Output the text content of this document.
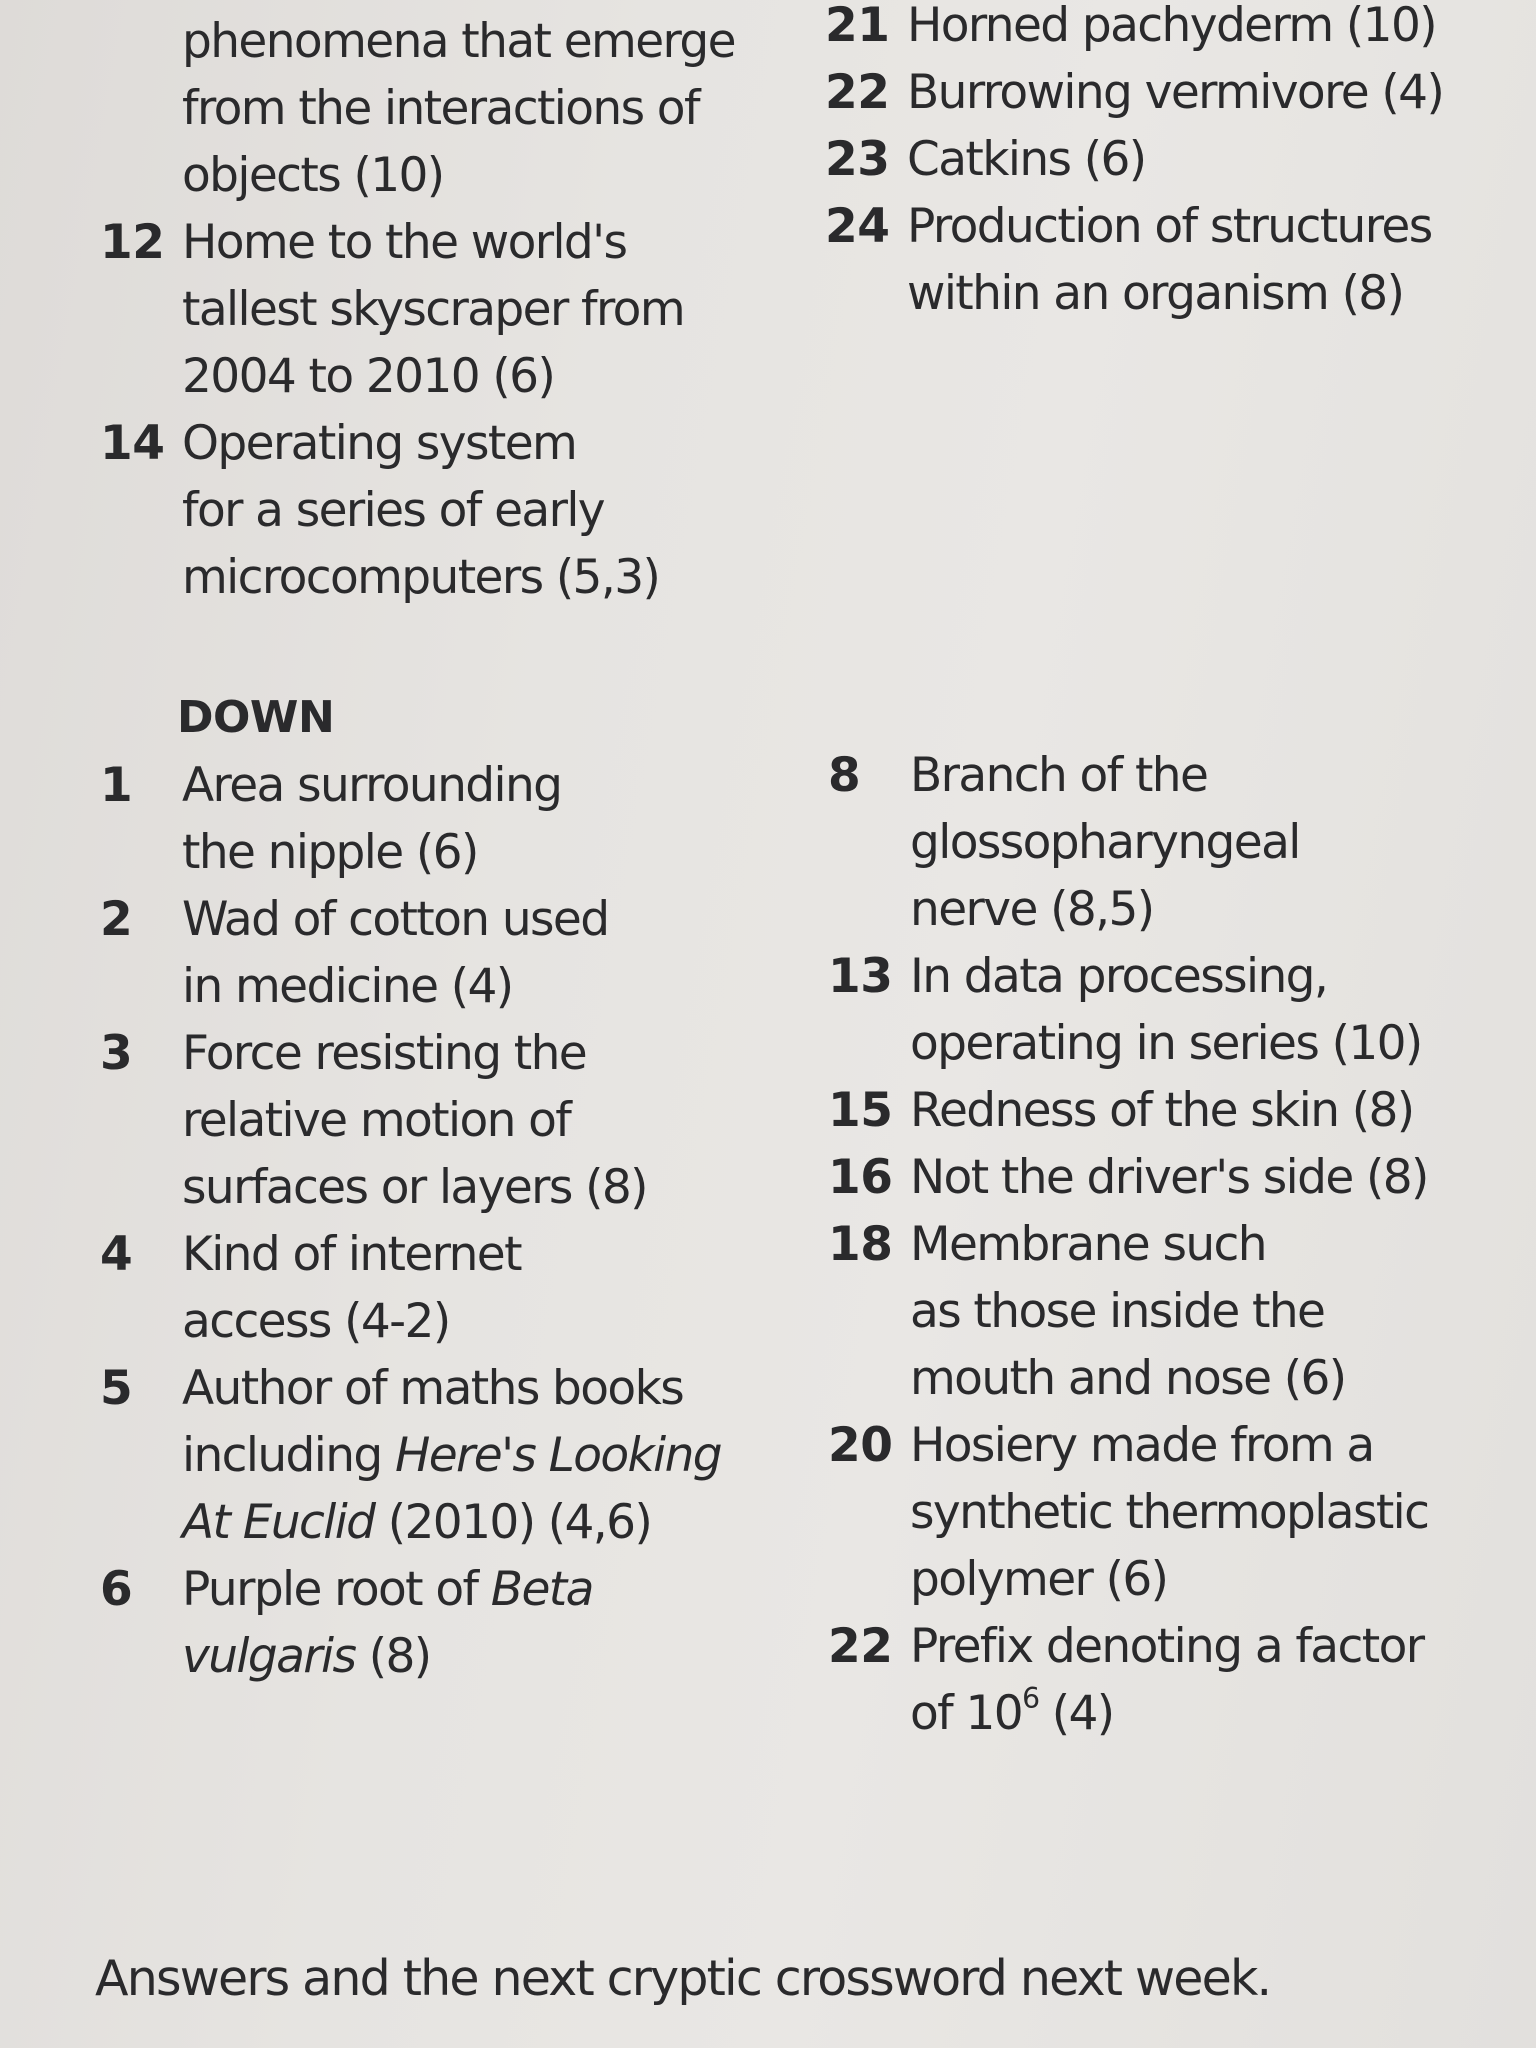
phenomena that emerge
from the interactions of
objects (10)
12 Home to the world's
tallest skyscraper from
2004 to 2010 (6)
14 Operating system
for a series of early
microcomputers (5,3)
21 Horned pachyderm (10)
22 Burrowing vermivore (4)
23 Catkins (6)
24 Production of structures
within an organism (8)
DOWN
1 Area surrounding
the nipple (6)
2 Wad of cotton used
in medicine (4)
3 Force resisting the
relative motion of
surfaces or layers (8)
4 Kind of internet
access (4-2)
5 Author of maths books
including Here's Looking
At Euclid (2010) (4,6)
6 Purple root of Beta
vulgaris (8)
8 Branch of the
glossopharyngeal
nerve (8,5)
13 In data processing,
operating in series (10)
15 Redness of the skin (8)
16 Not the driver's side (8)
18 Membrane such
as those inside the
mouth and nose (6)
20 Hosiery made from a
synthetic thermoplastic
polymer (6)
22 Prefix denoting a factor
of $10^6$ (4)
Answers and the next cryptic crossword next week.
